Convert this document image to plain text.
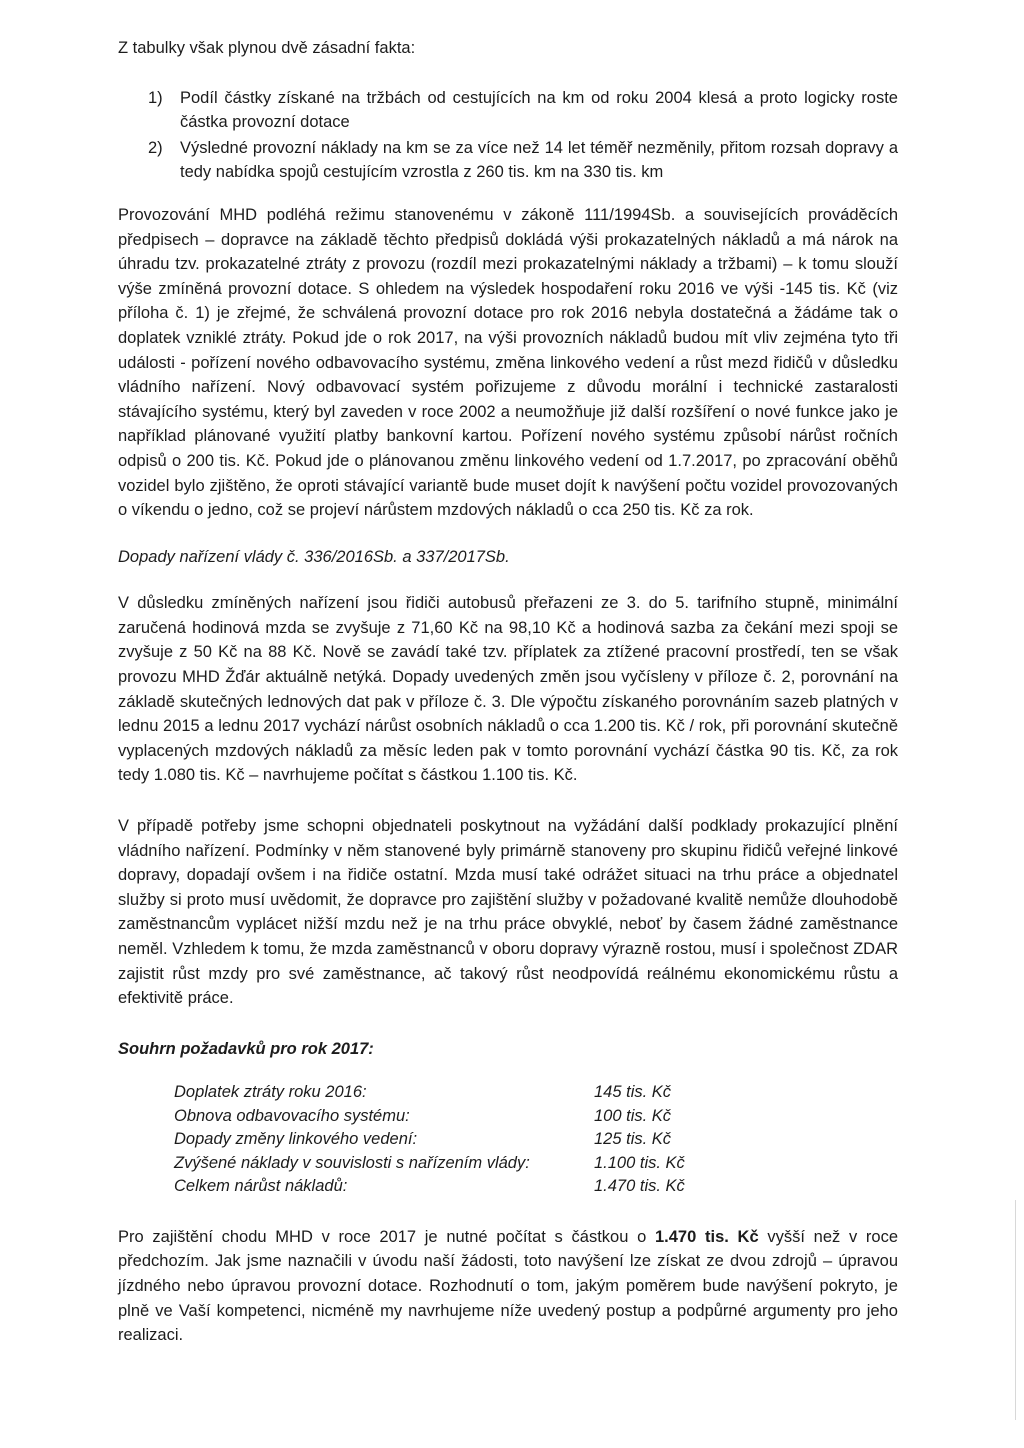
Z tabulky však plynou dvě zásadní fakta:

1)	Podíl částky získané na tržbách od cestujících na km od roku 2004 klesá a proto logicky roste částka provozní dotace
2)	Výsledné provozní náklady na km se za více než 14 let téměř nezměnily, přitom rozsah dopravy a tedy nabídka spojů cestujícím vzrostla z 260 tis. km na 330 tis. km

Provozování MHD podléhá režimu stanovenému v zákoně 111/1994Sb. a souvisejících prováděcích předpisech – dopravce na základě těchto předpisů dokládá výši prokazatelných nákladů a má nárok na úhradu tzv. prokazatelné ztráty z provozu (rozdíl mezi prokazatelnými náklady a tržbami) – k tomu slouží výše zmíněná provozní dotace. S ohledem na výsledek hospodaření roku 2016 ve výši -145 tis. Kč (viz příloha č. 1) je zřejmé, že schválená provozní dotace pro rok 2016 nebyla dostatečná a žádáme tak o doplatek vzniklé ztráty. Pokud jde o rok 2017, na výši provozních nákladů budou mít vliv zejména tyto tři události - pořízení nového odbavovacího systému, změna linkového vedení a růst mezd řidičů v důsledku vládního nařízení. Nový odbavovací systém pořizujeme z důvodu morální i technické zastaralosti stávajícího systému, který byl zaveden v roce 2002 a neumožňuje již další rozšíření o nové funkce jako je například plánované využití platby bankovní kartou. Pořízení nového systému způsobí nárůst ročních odpisů o 200 tis. Kč. Pokud jde o plánovanou změnu linkového vedení od 1.7.2017, po zpracování oběhů vozidel bylo zjištěno, že oproti stávající variantě bude muset dojít k navýšení počtu vozidel provozovaných o víkendu o jedno, což se projeví nárůstem mzdových nákladů o cca 250 tis. Kč za rok.

Dopady nařízení vlády č. 336/2016Sb. a 337/2017Sb.

V důsledku zmíněných nařízení jsou řidiči autobusů přeřazeni ze 3. do 5. tarifního stupně, minimální zaručená hodinová mzda se zvyšuje z 71,60 Kč na 98,10 Kč a hodinová sazba za čekání mezi spoji se zvyšuje z 50 Kč na 88 Kč. Nově se zavádí také tzv. příplatek za ztížené pracovní prostředí, ten se však provozu MHD Žďár aktuálně netýká. Dopady uvedených změn jsou vyčísleny v příloze č. 2, porovnání na základě skutečných lednových dat pak v příloze č. 3. Dle výpočtu získaného porovnáním sazeb platných v lednu 2015 a lednu 2017 vychází nárůst osobních nákladů o cca 1.200 tis. Kč / rok, při porovnání skutečně vyplacených mzdových nákladů za měsíc leden pak v tomto porovnání vychází částka 90 tis. Kč, za rok tedy 1.080 tis. Kč – navrhujeme počítat s částkou 1.100 tis. Kč.

V případě potřeby jsme schopni objednateli poskytnout na vyžádání další podklady prokazující plnění vládního nařízení. Podmínky v něm stanovené byly primárně stanoveny pro skupinu řidičů veřejné linkové dopravy, dopadají ovšem i na řidiče ostatní. Mzda musí také odrážet situaci na trhu práce a objednatel služby si proto musí uvědomit, že dopravce pro zajištění služby v požadované kvalitě nemůže dlouhodobě zaměstnancům vyplácet nižší mzdu než je na trhu práce obvyklé, neboť by časem žádné zaměstnance neměl. Vzhledem k tomu, že mzda zaměstnanců v oboru dopravy výrazně rostou, musí i společnost ZDAR zajistit růst mzdy pro své zaměstnance, ač takový růst neodpovídá reálnému ekonomickému růstu a efektivitě práce.

Souhrn požadavků pro rok 2017:

Doplatek ztráty roku 2016:	145 tis. Kč
Obnova odbavovacího systému:	100 tis. Kč
Dopady změny linkového vedení:	125 tis. Kč
Zvýšené náklady v souvislosti s nařízením vlády:	1.100 tis. Kč
Celkem nárůst nákladů:	1.470 tis. Kč

Pro zajištění chodu MHD v roce 2017 je nutné počítat s částkou o 1.470 tis. Kč vyšší než v roce předchozím. Jak jsme naznačili v úvodu naší žádosti, toto navýšení lze získat ze dvou zdrojů – úpravou jízdného nebo úpravou provozní dotace. Rozhodnutí o tom, jakým poměrem bude navýšení pokryto, je plně ve Vaší kompetenci, nicméně my navrhujeme níže uvedený postup a podpůrné argumenty pro jeho realizaci.
